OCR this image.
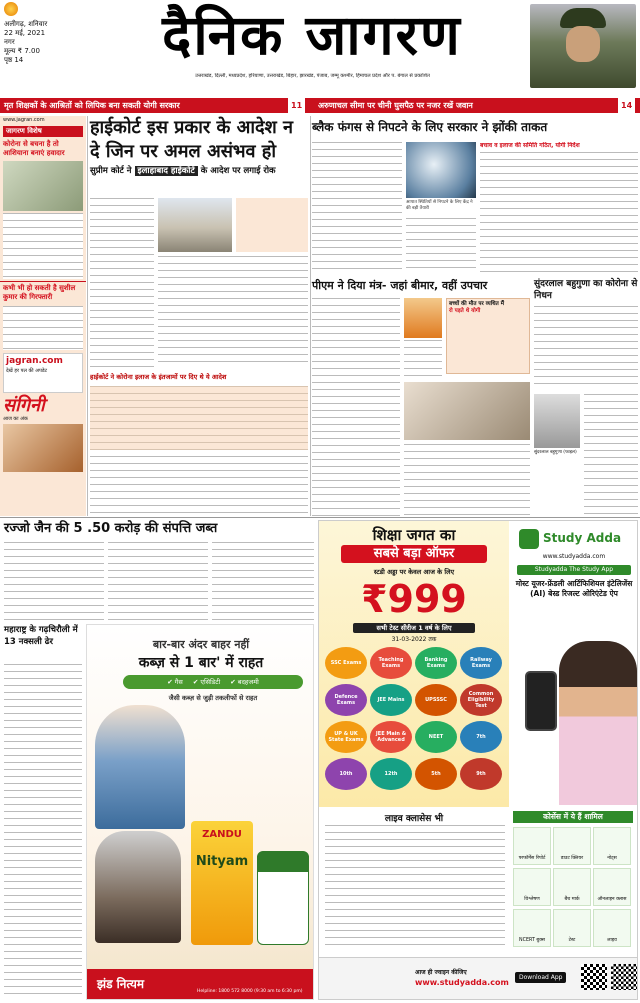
अलीगढ़, शनिवार
22 मई, 2021
नगर
मूल्य ₹ 7.00
पृष्ठ 14	दैनिक जागरण
उत्तराखंड, दिल्ली, मध्यप्रदेश, हरियाणा, उत्तराखंड, बिहार, झारखंड, पंजाब, जम्मू कश्मीर, हिमाचल प्रदेश और प. बंगाल से प्रकाशित
मृत शिक्षकों के आश्रितों को लिपिक बना सकती योगी सरकार	11	अरुणाचल सीमा पर चीनी घुसपैठ पर नजर रखें जवान	14
www.jagran.com
जागरण विशेष
कोरोना से बचना है तो आशियाना बनाएं हवादार
कभी भी हो सकती है सुशील कुमार की गिरफ्तारी
jagran.com
देखें हर पल की अपडेट
संगिनी
आज का अंक
हाईकोर्ट इस प्रकार के आदेश न दे जिन पर अमल असंभव हो
सुप्रीम कोर्ट ने इलाहाबाद हाईकोर्ट के आदेश पर लगाई रोक
हाईकोर्ट ने कोरोना इलाज के इंतजामों पर दिए थे ये आदेश
ब्लैक फंगस से निपटने के लिए सरकार ने झोंकी ताकत
आपात स्थितियों से निपटने के लिए केंद्र ने की बड़ी तैयारी
बचाव व इलाज की समिति गठित, योगी निर्देश
पीएम ने दिया मंत्र- जहां बीमार, वहीं उपचार
बच्चों की मौत पर व्यथित मैं
रो पड़ते थे योगी
सुंदरलाल बहुगुणा का कोरोना से निधन
सुंदरलाल बहुगुणा (फाइल)
रज्जो जैन की 5 .50 करोड़ की संपत्ति जब्त
महाराष्ट्र के गढ़चिरौली में 13 नक्सली ढेर	बार-बार अंदर बाहर नहीं
कब्ज़ से 1 बार' में राहत
✔ गैस ✔ एसिडिटी ✔ बदहजमी
जैसी कब्ज़ से जुड़ी तकलीफों से राहत
ZANDU
Nityam
झंड नित्यम
Helpline: 1800 572 8000 (9:30 am to 6:30 pm)
शिक्षा जगत का
सबसे बड़ा ऑफर
स्टडी अड्डा पर केवल आज के लिए
₹999
सभी टेस्ट सीरीज 1 वर्ष के लिए
31-03-2022 तक
SSC Exams	Teaching Exams
Banking Exams
Railway Exams
Defence Exams	JEE Mains	UPSSSC
Common Eligibility Test
UP & UK State Exams
JEE Main & Advanced	NEET	7th
10th	12th	5th	9th
Study Adda
www.studyadda.com
Studyadda The Study App
मोस्ट यूजर-फ्रेंडली आर्टिफिशियल इंटेलिजेंस (AI) बेस्ड रिजल्ट ओरिएंटेड ऐप
लाइव क्लासेस भी	कोर्सेस में ये हैं शामिल
परफॉर्मेंस रिपोर्ट	डाउट क्लियर	नोट्स
विश्लेषण	बैंच मार्क	ऑनलाइन क्लास
NCERT बुक्स	टेस्ट	लाइव
आज ही ज्वाइन कीजिए
www.studyadda.com
Download App
